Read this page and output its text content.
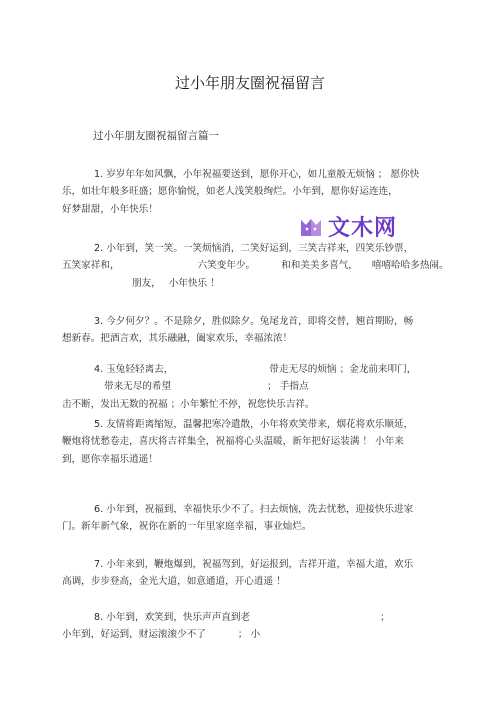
过小年朋友圈祝福留言
过小年朋友圈祝福留言篇一

1. 岁岁年年如风飘，小年祝福要送到，愿你开心，如儿童般无烦恼 ； 愿你快

乐，如壮年般多旺盛；愿你愉悦，如老人浅笑般绚烂。小年到，愿你好运连连，

好梦甜甜，小年快乐！

2. 小年到，笑一笑。一笑烦恼消，二笑好运到，三笑吉祥来，四笑乐钞票，

五笑家祥和，	六笑变年少。	和和美美多喜气， 嘻嘻哈哈多热闹。

朋友， 小年快乐 ！

3. 今夕何夕？。不是除夕，胜似除夕。兔尾龙首，即将交替，翘首期盼，畅

想新春。把酒言欢，其乐融融，阖家欢乐，幸福浓浓！

4. 玉兔轻轻离去，	带走无尽的烦恼 ；金龙前来叩门，

带来无尽的希望	； 手指点

击不断，发出无数的祝福 ；小年繁忙不停，祝您快乐吉祥。

5. 友情将距离缩短，温馨把寒冷遣散，小年将欢笑带来，烟花将欢乐顺延，

鞭炮将忧愁卷走，喜庆将吉祥集全，祝福将心头温暖，新年把好运装满 ！ 小年来

到，愿你幸福乐逍遥！

6. 小年到，祝福到，幸福快乐少不了。扫去烦恼，洗去忧愁，迎接快乐进家

门。新年新气象，祝你在新的一年里家庭幸福，事业灿烂。

7. 小年来到，鞭炮爆到，祝福驾到，好运报到，吉祥开道，幸福大道，欢乐

高调，步步登高，金光大道，如意通道，开心逍遥 ！

8. 小年到，欢笑到，快乐声声直到老	；

小年到，好运到，财运滚滚少不了	； 小

文木网
